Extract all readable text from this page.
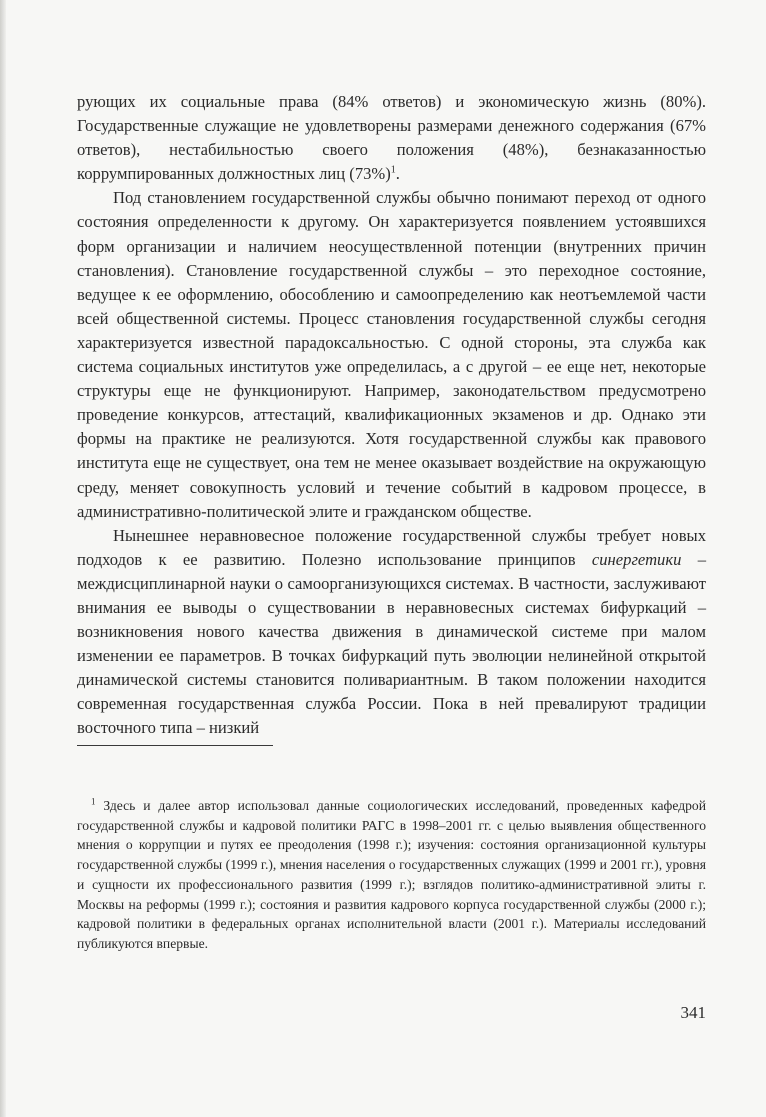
рующих их социальные права (84% ответов) и экономическую жизнь (80%). Государственные служащие не удовлетворены размерами денежного содержания (67% ответов), нестабильностью своего положения (48%), безнаказанностью коррумпированных должностных лиц $(73\%)^1$.

Под становлением государственной службы обычно понимают переход от одного состояния определенности к другому. Он характеризуется появлением устоявшихся форм организации и наличием неосуществленной потенции (внутренних причин становления). Становление государственной службы – это переходное состояние, ведущее к ее оформлению, обособлению и самоопределению как неотъемлемой части всей общественной системы. Процесс становления государственной службы сегодня характеризуется известной парадоксальностью. С одной стороны, эта служба как система социальных институтов уже определилась, а с другой – ее еще нет, некоторые структуры еще не функционируют. Например, законодательством предусмотрено проведение конкурсов, аттестаций, квалификационных экзаменов и др. Однако эти формы на практике не реализуются. Хотя государственной службы как правового института еще не существует, она тем не менее оказывает воздействие на окружающую среду, меняет совокупность условий и течение событий в кадровом процессе, в административно-политической элите и гражданском обществе.

Нынешнее неравновесное положение государственной службы требует новых подходов к ее развитию. Полезно использование принципов синергетики – междисциплинарной науки о самоорганизующихся системах. В частности, заслуживают внимания ее выводы о существовании в неравновесных системах бифуркаций – возникновения нового качества движения в динамической системе при малом изменении ее параметров. В точках бифуркаций путь эволюции нелинейной открытой динамической системы становится поливариантным. В таком положении находится современная государственная служба России. Пока в ней превалируют традиции восточного типа – низкий

$^1$ Здесь и далее автор использовал данные социологических исследований, проведенных кафедрой государственной службы и кадровой политики РАГС в 1998–2001 гг. с целью выявления общественного мнения о коррупции и путях ее преодоления (1998 г.); изучения: состояния организационной культуры государственной службы (1999 г.), мнения населения о государственных служащих (1999 и 2001 гг.), уровня и сущности их профессионального развития (1999 г.); взглядов политико-административной элиты г. Москвы на реформы (1999 г.); состояния и развития кадрового корпуса государственной службы (2000 г.); кадровой политики в федеральных органах исполнительной власти (2001 г.). Материалы исследований публикуются впервые.

341
